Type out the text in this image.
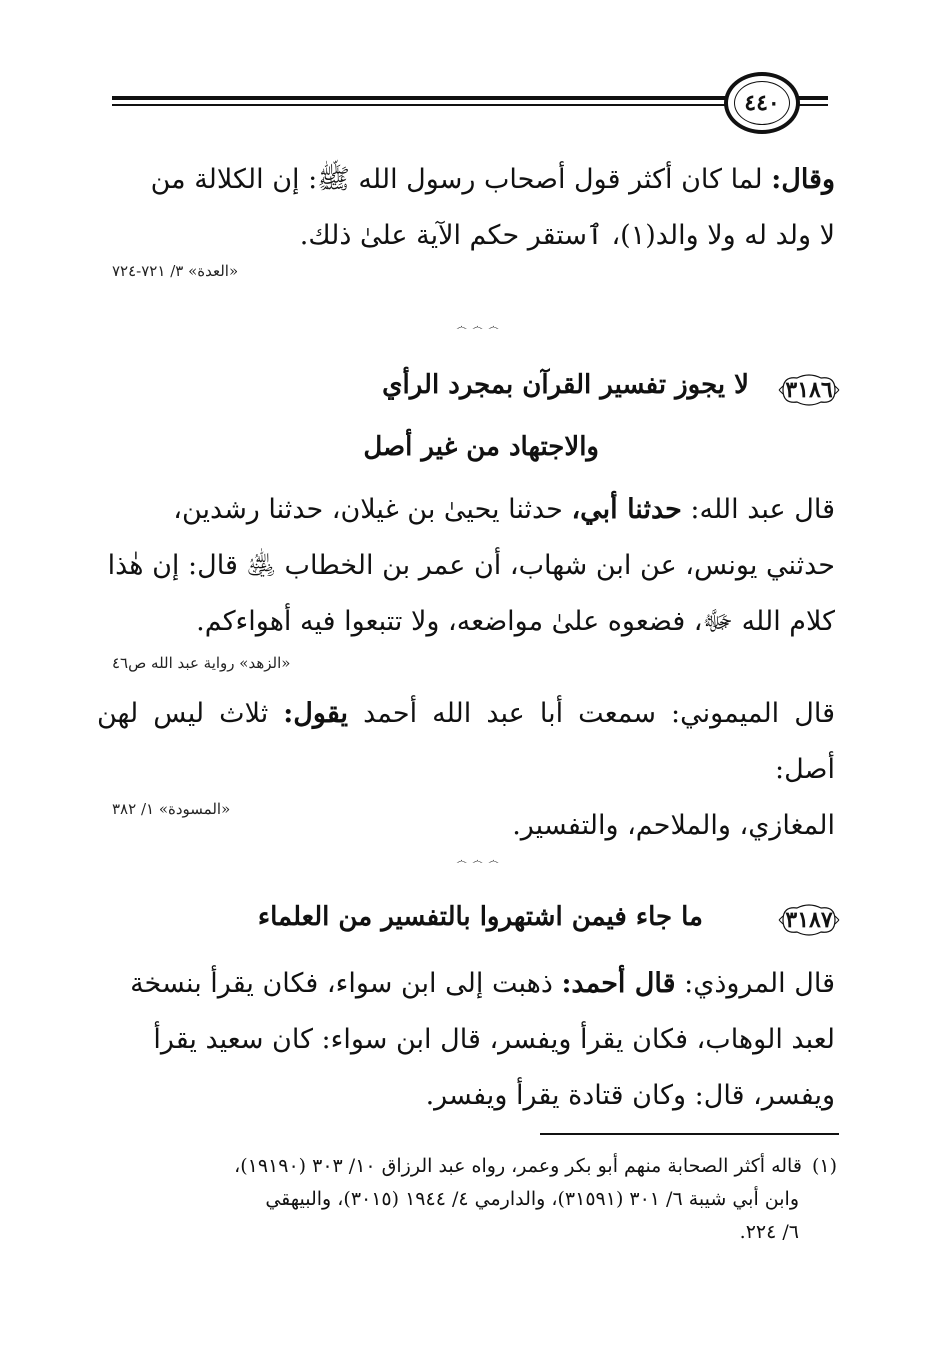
٤٤٠
وقال: لما كان أكثر قول أصحاب رسول الله ﷺ: إن الكلالة من
لا ولد له ولا والد(١)، ٱستقر حكم الآية علىٰ ذلك.
«العدة» ٣/ ٧٢١-٧٢٤
෴ ෴ ෴
٣١٨٦
لا يجوز تفسير القرآن بمجرد الرأي
والاجتهاد من غير أصل
قال عبد الله: حدثنا أبي، حدثنا يحيىٰ بن غيلان، حدثنا رشدين،
حدثني يونس، عن ابن شهاب، أن عمر بن الخطاب ﵁ قال: إن هٰذا
كلام الله ﷻ، فضعوه علىٰ مواضعه، ولا تتبعوا فيه أهواءكم.
«الزهد» رواية عبد الله ص٤٦
قال الميموني: سمعت أبا عبد الله أحمد يقول: ثلاث ليس لهن أصل:
المغازي، والملاحم، والتفسير.
«المسودة» ١/ ٣٨٢
෴ ෴ ෴
٣١٨٧
ما جاء فيمن اشتهروا بالتفسير من العلماء
قال المروذي: قال أحمد: ذهبت إلى ابن سواء، فكان يقرأ بنسخة
لعبد الوهاب، فكان يقرأ ويفسر، قال ابن سواء: كان سعيد يقرأ
ويفسر، قال: وكان قتادة يقرأ ويفسر.
(١)قاله أكثر الصحابة منهم أبو بكر وعمر، رواه عبد الرزاق ١٠/ ٣٠٣ (١٩١٩٠)،
وابن أبي شيبة ٦/ ٣٠١ (٣١٥٩١)، والدارمي ٤/ ١٩٤٤ (٣٠١٥)، والبيهقي
٦/ ٢٢٤.
